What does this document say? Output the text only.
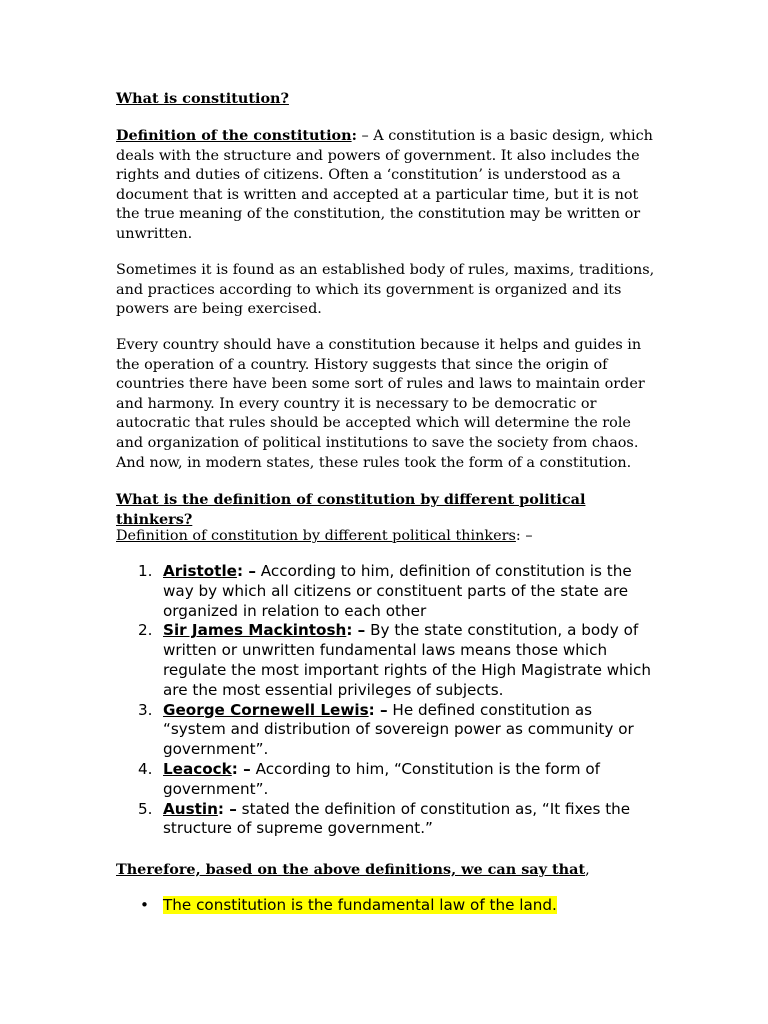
What is constitution?

Definition of the constitution: – A constitution is a basic design, which deals with the structure and powers of government. It also includes the rights and duties of citizens. Often a ‘constitution’ is understood as a document that is written and accepted at a particular time, but it is not the true meaning of the constitution, the constitution may be written or unwritten.

Sometimes it is found as an established body of rules, maxims, traditions, and practices according to which its government is organized and its powers are being exercised.

Every country should have a constitution because it helps and guides in the operation of a country. History suggests that since the origin of countries there have been some sort of rules and laws to maintain order and harmony. In every country it is necessary to be democratic or autocratic that rules should be accepted which will determine the role and organization of political institutions to save the society from chaos. And now, in modern states, these rules took the form of a constitution.

What is the definition of constitution by different political thinkers?

Definition of constitution by different political thinkers: –

1. Aristotle: – According to him, definition of constitution is the way by which all citizens or constituent parts of the state are organized in relation to each other
2. Sir James Mackintosh: – By the state constitution, a body of written or unwritten fundamental laws means those which regulate the most important rights of the High Magistrate which are the most essential privileges of subjects.
3. George Cornewell Lewis: – He defined constitution as “system and distribution of sovereign power as community or government”.
4. Leacock: – According to him, “Constitution is the form of government”.
5. Austin: – stated the definition of constitution as, “It fixes the structure of supreme government.”

Therefore, based on the above definitions, we can say that,

• The constitution is the fundamental law of the land.
